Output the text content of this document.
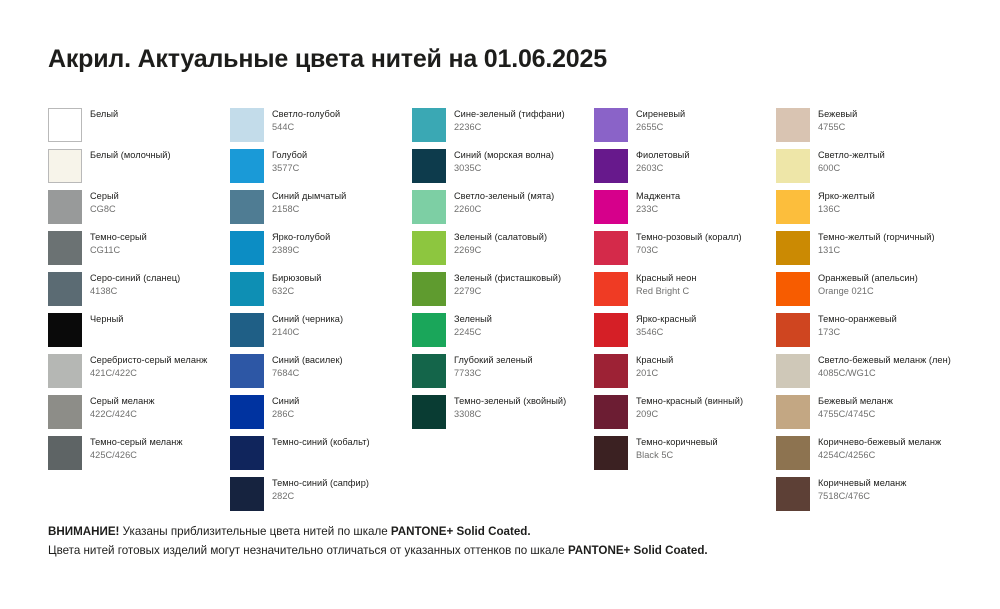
Акрил. Актуальные цвета нитей на 01.06.2025
Белый
Белый (молочный)
Серый
CG8C
Темно-серый
CG11C
Серо-синий (сланец)
4138C
Черный
Серебристо-серый меланж
421C/422C
Серый меланж
422C/424C
Темно-серый меланж
425C/426C
Светло-голубой
544C
Голубой
3577C
Синий дымчатый
2158C
Ярко-голубой
2389C
Бирюзовый
632C
Синий (черника)
2140C
Синий (василек)
7684C
Синий
286C
Темно-синий (кобальт)
Темно-синий (сапфир)
282C
Сине-зеленый (тиффани)
2236C
Синий (морская волна)
3035C
Светло-зеленый (мята)
2260C
Зеленый (салатовый)
2269C
Зеленый (фисташковый)
2279C
Зеленый
2245C
Глубокий зеленый
7733C
Темно-зеленый (хвойный)
3308C
Сиреневый
2655C
Фиолетовый
2603C
Маджента
233C
Темно-розовый (коралл)
703C
Красный неон
Red Bright C
Ярко-красный
3546C
Красный
201C
Темно-красный (винный)
209C
Темно-коричневый
Black 5C
Бежевый
4755C
Светло-желтый
600C
Ярко-желтый
136C
Темно-желтый (горчичный)
131C
Оранжевый (апельсин)
Orange 021C
Темно-оранжевый
173C
Светло-бежевый меланж (лен)
4085C/WG1C
Бежевый меланж
4755C/4745C
Коричнево-бежевый меланж
4254C/4256C
Коричневый меланж
7518C/476C
ВНИМАНИЕ! Указаны приблизительные цвета нитей по шкале PANTONE+ Solid Coated.
Цвета нитей готовых изделий могут незначительно отличаться от указанных оттенков по шкале PANTONE+ Solid Coated.
